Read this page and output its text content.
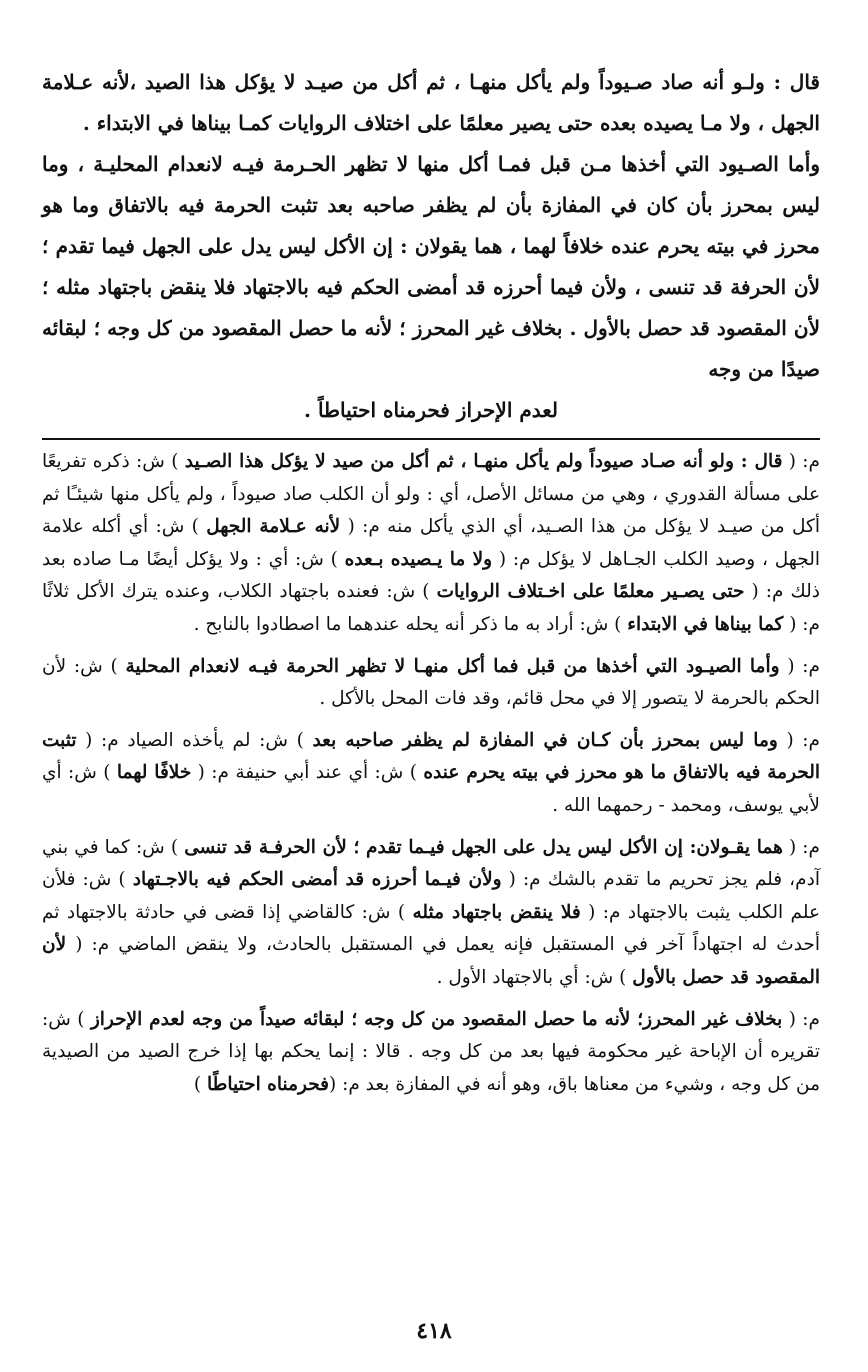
قال : ولـو أنه صاد صـيوداً ولم يأكل منهـا ، ثم أكل من صيـد لا يؤكل هذا الصيد ،لأنه عـلامة الجهل ، ولا مـا يصيده بعده حتى يصير معلمًا على اختلاف الروايات كمـا بيناها في الابتداء .

وأما الصـيود التي أخذها مـن قبل فمـا أكل منها لا تظهر الحـرمة فيـه لانعدام المحليـة ، وما ليس بمحرز بأن كان في المفازة بأن لم يظفر صاحبه بعد تثبت الحرمة فيه بالاتفاق وما هو محرز في بيته يحرم عنده خلافاً لهما ، هما يقولان : إن الأكل ليس يدل على الجهل فيما تقدم ؛ لأن الحرفة قد تنسى ، ولأن فيما أحرزه قد أمضى الحكم فيه بالاجتهاد فلا ينقض باجتهاد مثله ؛ لأن المقصود قد حصل بالأول . بخلاف غير المحرز ؛ لأنه ما حصل المقصود من كل وجه ؛ لبقائه صيدًا من وجه

لعدم الإحراز فحرمناه احتياطاً .

م: ( قال : ولو أنه صـاد صيوداً ولم يأكل منهـا ، ثم أكل من صيد لا يؤكل هذا الصـيد ) ش: ذكره تفريعًا على مسألة القدوري ، وهي من مسائل الأصل، أي : ولو أن الكلب صاد صيوداً ، ولم يأكل منها شيئـًا ثم أكل من صيـد لا يؤكل من هذا الصـيد، أي الذي يأكل منه م: ( لأنه عـلامة الجهل ) ش: أي أكله علامة الجهل ، وصيد الكلب الجـاهل لا يؤكل م: ( ولا ما يـصيده بـعده ) ش: أي : ولا يؤكل أيضًا مـا صاده بعد ذلك م: ( حتى يصـير معلمًا على اخـتلاف الروايات ) ش: فعنده باجتهاد الكلاب، وعنده يترك الأكل ثلاثًا م: ( كما بيناها في الابتداء ) ش: أراد به ما ذكر أنه يحله عندهما ما اصطادوا بالنابح .

م: ( وأما الصيـود التي أخذها من قبل فما أكل منهـا لا تظهر الحرمة فيـه لانعدام المحلية ) ش: لأن الحكم بالحرمة لا يتصور إلا في محل قائم، وقد فات المحل بالأكل .

م: ( وما ليس بمحرز بأن كـان في المفازة لم يظفر صاحبه بعد ) ش: لم يأخذه الصياد م: ( تثبت الحرمة فيه بالاتفاق ما هو محرز في بيته يحرم عنده ) ش: أي عند أبي حنيفة م: ( خلافًا لهما ) ش: أي لأبي يوسف، ومحمد - رحمهما الله .

م: ( هما يقـولان: إن الأكل ليس يدل على الجهل فيـما تقدم ؛ لأن الحرفـة قد تنسى ) ش: كما في بني آدم، فلم يجز تحريم ما تقدم بالشك م: ( ولأن فيـما أحرزه قد أمضى الحكم فيه بالاجـتهاد ) ش: فلأن علم الكلب يثبت بالاجتهاد م: ( فلا ينقض باجتهاد مثله ) ش: كالقاضي إذا قضى في حادثة بالاجتهاد ثم أحدث له اجتهاداً آخر في المستقبل فإنه يعمل في المستقبل بالحادث، ولا ينقض الماضي م: ( لأن المقصود قد حصل بالأول ) ش: أي بالاجتهاد الأول .

م: ( بخلاف غير المحرز؛ لأنه ما حصل المقصود من كل وجه ؛ لبقائه صيداً من وجه لعدم الإحراز ) ش: تقريره أن الإباحة غير محكومة فيها بعد من كل وجه . قالا : إنما يحكم بها إذا خرج الصيد من الصيدية من كل وجه ، وشيء من معناها باق، وهو أنه في المفازة بعد م: (فحرمناه احتياطًا )

٤١٨
